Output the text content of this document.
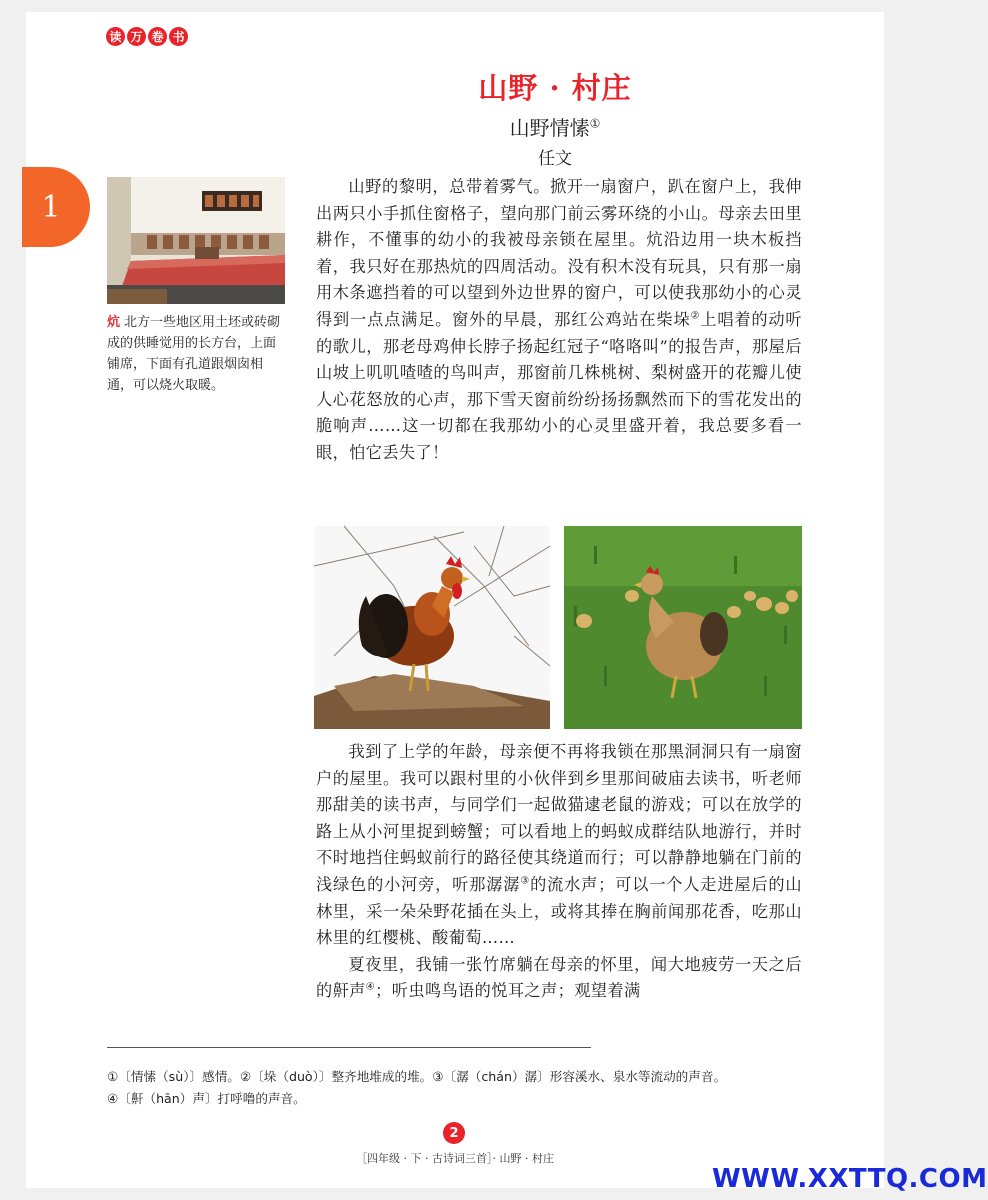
读 万 卷 书
1
山野 · 村庄
山野情愫①
任文
炕 北方一些地区用土坯或砖砌成的供睡觉用的长方台，上面铺席，下面有孔道跟烟囱相通，可以烧火取暖。

山野的黎明，总带着雾气。掀开一扇窗户，趴在窗户上，我伸出两只小手抓住窗格子，望向那门前云雾环绕的小山。母亲去田里耕作，不懂事的幼小的我被母亲锁在屋里。炕沿边用一块木板挡着，我只好在那热炕的四周活动。没有积木没有玩具，只有那一扇用木条遮挡着的可以望到外边世界的窗户，可以使我那幼小的心灵得到一点点满足。窗外的早晨，那红公鸡站在柴垛②上唱着的动听的歌儿，那老母鸡伸长脖子扬起红冠子“咯咯叫”的报告声，那屋后山坡上叽叽喳喳的鸟叫声，那窗前几株桃树、梨树盛开的花瓣儿使人心花怒放的心声，那下雪天窗前纷纷扬扬飘然而下的雪花发出的脆响声……这一切都在我那幼小的心灵里盛开着，我总要多看一眼，怕它丢失了！

我到了上学的年龄，母亲便不再将我锁在那黑洞洞只有一扇窗户的屋里。我可以跟村里的小伙伴到乡里那间破庙去读书，听老师那甜美的读书声，与同学们一起做猫逮老鼠的游戏；可以在放学的路上从小河里捉到螃蟹；可以看地上的蚂蚁成群结队地游行，并时不时地挡住蚂蚁前行的路径使其绕道而行；可以静静地躺在门前的浅绿色的小河旁，听那潺潺③的流水声；可以一个人走进屋后的山林里，采一朵朵野花插在头上，或将其捧在胸前闻那花香，吃那山林里的红樱桃、酸葡萄……

夏夜里，我铺一张竹席躺在母亲的怀里，闻大地疲劳一天之后的鼾声④；听虫鸣鸟语的悦耳之声；观望着满

①〔情愫（sù）〕感情。②〔垛（duò）〕整齐地堆成的堆。③〔潺（chán）潺〕形容溪水、泉水等流动的声音。
④〔鼾（hān）声〕打呼噜的声音。
2
［四年级 · 下 · 古诗词三首］· 山野 · 村庄
WWW.XXTTQ.COM
